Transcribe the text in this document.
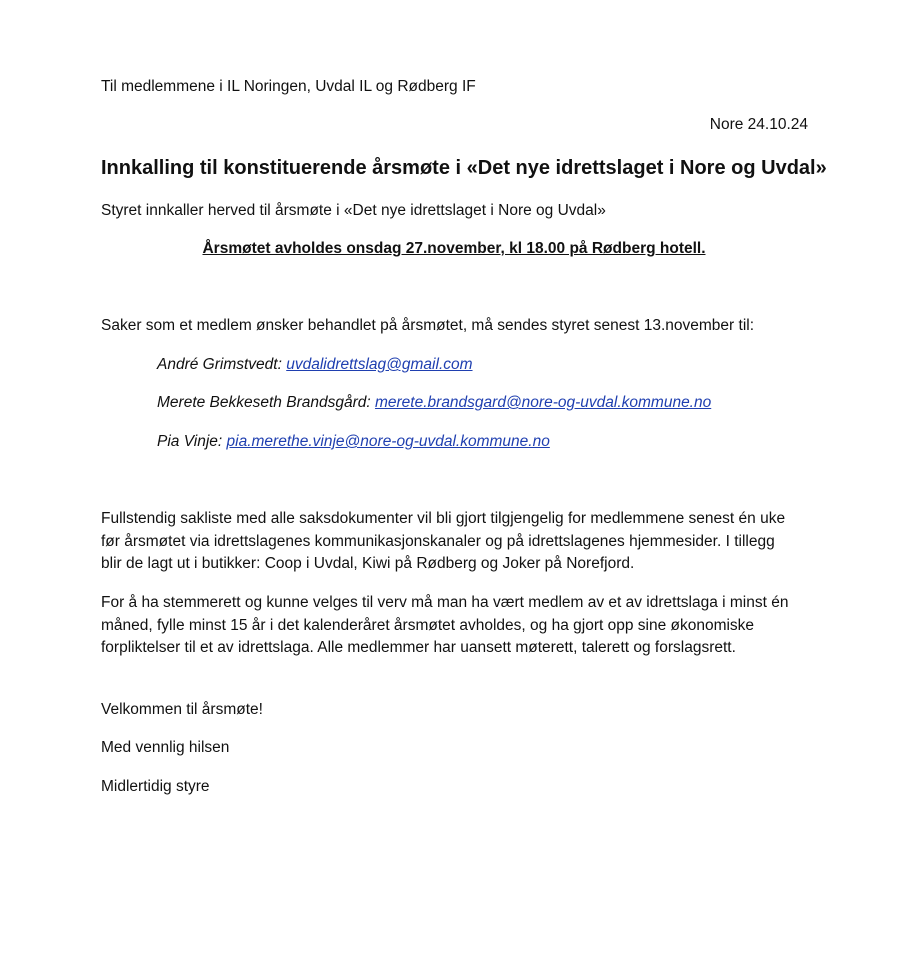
Til medlemmene i IL Noringen, Uvdal IL og Rødberg IF
Nore 24.10.24
Innkalling til konstituerende årsmøte i «Det nye idrettslaget i Nore og Uvdal»
Styret innkaller herved til årsmøte i «Det nye idrettslaget i Nore og Uvdal»
Årsmøtet avholdes onsdag 27.november, kl 18.00 på Rødberg hotell.
Saker som et medlem ønsker behandlet på årsmøtet, må sendes styret senest 13.november til:
André Grimstvedt: uvdalidrettslag@gmail.com
Merete Bekkeseth Brandsgård: merete.brandsgard@nore-og-uvdal.kommune.no
Pia Vinje: pia.merethe.vinje@nore-og-uvdal.kommune.no
Fullstendig sakliste med alle saksdokumenter vil bli gjort tilgjengelig for medlemmene senest én uke
før årsmøtet via idrettslagenes kommunikasjonskanaler og på idrettslagenes hjemmesider. I tillegg
blir de lagt ut i butikker: Coop i Uvdal, Kiwi på Rødberg og Joker på Norefjord.
For å ha stemmerett og kunne velges til verv må man ha vært medlem av et av idrettslaga i minst én
måned, fylle minst 15 år i det kalenderåret årsmøtet avholdes, og ha gjort opp sine økonomiske
forpliktelser til et av idrettslaga. Alle medlemmer har uansett møterett, talerett og forslagsrett.
Velkommen til årsmøte!
Med vennlig hilsen
Midlertidig styre
